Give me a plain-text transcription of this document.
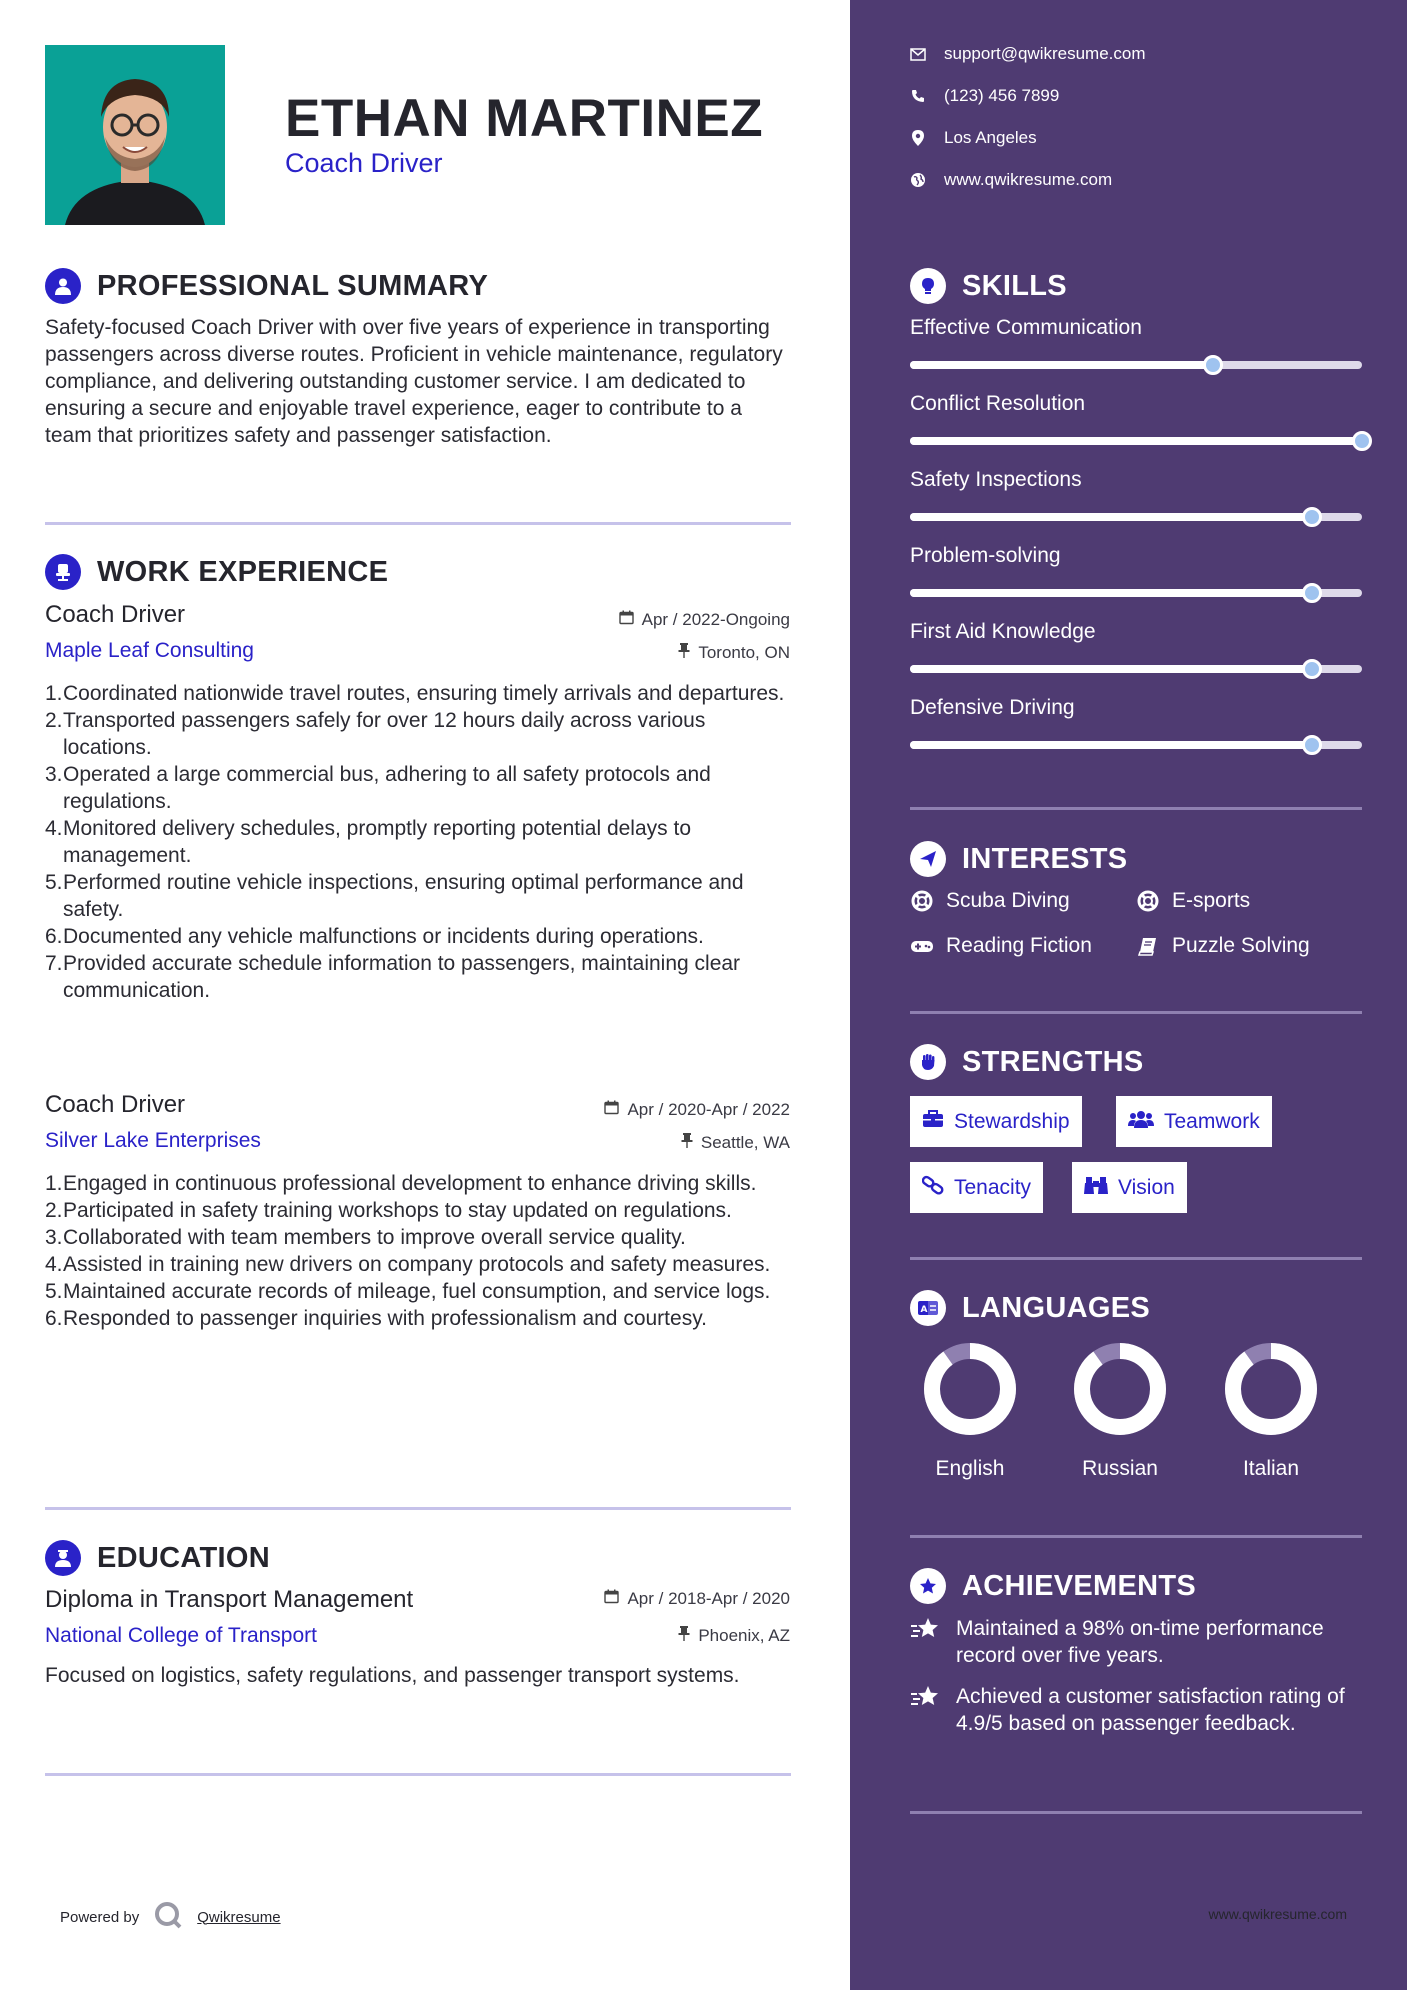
ETHAN MARTINEZ
Coach Driver
PROFESSIONAL SUMMARY
Safety-focused Coach Driver with over five years of experience in transporting passengers across diverse routes. Proficient in vehicle maintenance, regulatory compliance, and delivering outstanding customer service. I am dedicated to ensuring a secure and enjoyable travel experience, eager to contribute to a team that prioritizes safety and passenger satisfaction.
WORK EXPERIENCE
Coach Driver
Maple Leaf Consulting
Apr / 2022-Ongoing
Toronto, ON
1. Coordinated nationwide travel routes, ensuring timely arrivals and departures.
2. Transported passengers safely for over 12 hours daily across various locations.
3. Operated a large commercial bus, adhering to all safety protocols and regulations.
4. Monitored delivery schedules, promptly reporting potential delays to management.
5. Performed routine vehicle inspections, ensuring optimal performance and safety.
6. Documented any vehicle malfunctions or incidents during operations.
7. Provided accurate schedule information to passengers, maintaining clear communication.
Coach Driver
Silver Lake Enterprises
Apr / 2020-Apr / 2022
Seattle, WA
1. Engaged in continuous professional development to enhance driving skills.
2. Participated in safety training workshops to stay updated on regulations.
3. Collaborated with team members to improve overall service quality.
4. Assisted in training new drivers on company protocols and safety measures.
5. Maintained accurate records of mileage, fuel consumption, and service logs.
6. Responded to passenger inquiries with professionalism and courtesy.
EDUCATION
Diploma in Transport Management
National College of Transport
Apr / 2018-Apr / 2020
Phoenix, AZ
Focused on logistics, safety regulations, and passenger transport systems.
Powered by	Qwikresume
support@qwikresume.com
(123) 456 7899
Los Angeles
www.qwikresume.com
SKILLS
Effective Communication
Conflict Resolution
Safety Inspections
Problem-solving
First Aid Knowledge
Defensive Driving
INTERESTS
Scuba Diving	E-sports
Reading Fiction	Puzzle Solving
STRENGTHS
Stewardship	Teamwork
Tenacity	Vision
A LANGUAGES
English	Russian	Italian
ACHIEVEMENTS
Maintained a 98% on-time performance record over five years.
Achieved a customer satisfaction rating of 4.9/5 based on passenger feedback.
www.qwikresume.com
